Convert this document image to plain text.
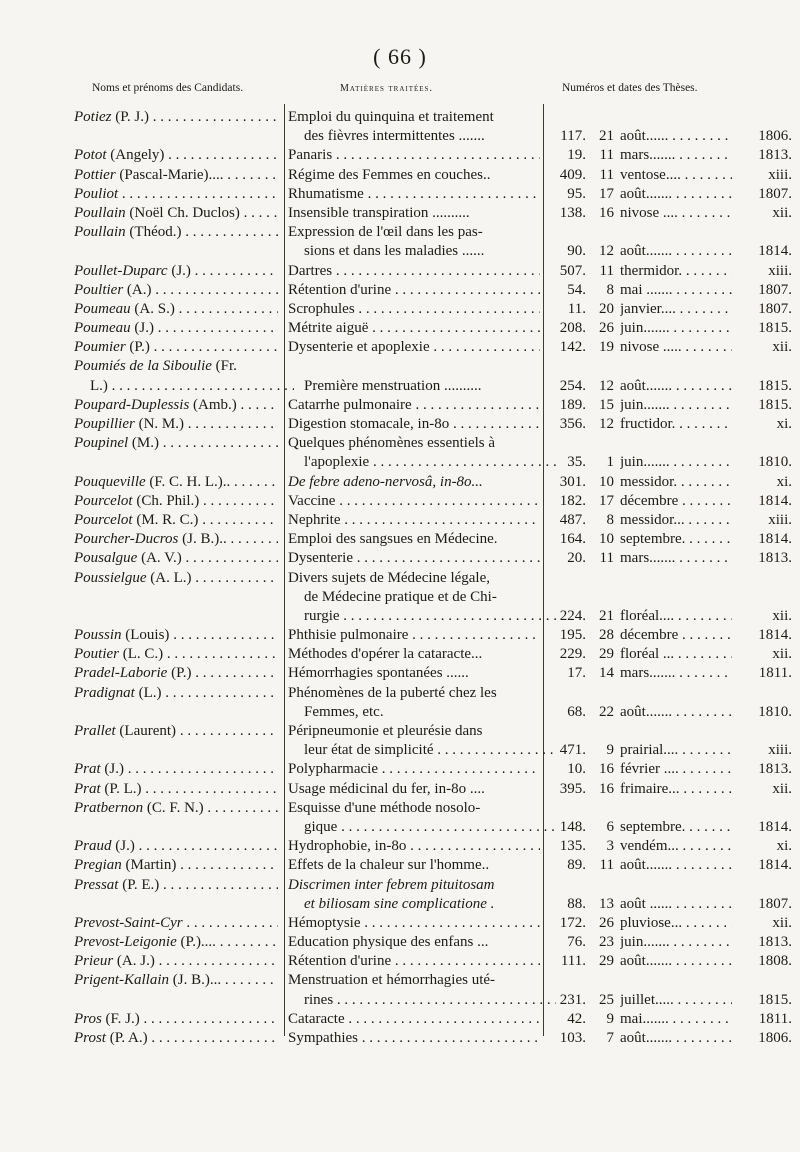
( 66 )
Noms et prénoms des Candidats.	Matières traitées.	Numéros et dates des Thèses.
Potiez (P. J.) . . .	Emploi du quinquina et traitement
des fièvres intermittentes .......	117. 21 août...... . . .	1806.
Potot (Angely) . . .	Panaris . . .	19. 11 mars....... . . .	1813.
Pottier (Pascal-Marie).... . . .	Régime des Femmes en couches..	409. 11 ventose.... . . .	xiii.
Pouliot . . .	Rhumatisme . . .	95. 17 août....... . . .	1807.
Poullain (Noël Ch. Duclos) . . .	Insensible transpiration ..........	138. 16 nivose .... . . .	xii.
Poullain (Théod.) . . .	Expression de l'œil dans les pas-
sions et dans les maladies ......	90. 12 août....... . . .	1814.
Poullet-Duparc (J.) . . .	Dartres . . .	507. 11 thermidor. . . .	xiii.
Poultier (A.) . . .	Rétention d'urine . . .	54.	8 mai ....... . . .	1807.
Poumeau (A. S.) . . .	Scrophules . . .	11. 20 janvier.... . . .	1807.
Poumeau (J.) . . .	Métrite aiguë . . .	208. 26 juin....... . . .	1815.
Poumier (P.) . . .	Dysenterie et apoplexie . . .	142. 19 nivose ..... . . .	xii.
Poumiés de la Siboulie (Fr.
L.) . . .	Première menstruation ..........	254. 12 août....... . . .	1815.
Poupard-Duplessis (Amb.) . . .	Catarrhe pulmonaire . . .	189. 15 juin....... . . .	1815.
Poupillier (N. M.) . . .	Digestion stomacale, in-8o . . .	356. 12 fructidor. . . . .	xi.
Poupinel (M.) . . .	Quelques phénomènes essentiels à
l'apoplexie . . .	35.	1 juin....... . . .	1810.
Pouqueville (F. C. H. L.).. . . .	De febre adeno-nervosâ, in-8o...	301. 10 messidor. . . . .	xi.
Pourcelot (Ch. Phil.) . . .	Vaccine . . .	182. 17 décembre . . . .	1814.
Pourcelot (M. R. C.) . . .	Nephrite . . .	487.	8 messidor... . . .	xiii.
Pourcher-Ducros (J. B.).. . . .	Emploi des sangsues en Médecine.	164. 10 septembre. . . .	1814.
Pousalgue (A. V.) . . .	Dysenterie . . .	20. 11 mars....... . . .	1813.
Poussielgue (A. L.) . . .	Divers sujets de Médecine légale,
de Médecine pratique et de Chi-
rurgie . . .	224. 21 floréal.... . . .	xii.
Poussin (Louis) . . .	Phthisie pulmonaire . . .	195. 28 décembre . . . .	1814.
Poutier (L. C.) . . .	Méthodes d'opérer la cataracte...	229. 29 floréal ... . . .	xii.
Pradel-Laborie (P.) . . .	Hémorrhagies spontanées ......	17. 14 mars....... . . .	1811.
Pradignat (L.) . . .	Phénomènes de la puberté chez les
Femmes, etc.	68. 22 août....... . . .	1810.
Prallet (Laurent) . . .	Péripneumonie et pleurésie dans
leur état de simplicité . . .	471.	9 prairial.... . . .	xiii.
Prat (J.) . . .	Polypharmacie . . .	10. 16 février .... . . .	1813.
Prat (P. L.) . . .	Usage médicinal du fer, in-8o ....	395. 16 frimaire... . . .	xii.
Pratbernon (C. F. N.) . . .	Esquisse d'une méthode nosolo-
gique . . .	148.	6 septembre. . . .	1814.
Praud (J.) . . .	Hydrophobie, in-8o . . .	135.	3 vendém... . . . .	xi.
Pregian (Martin) . . .	Effets de la chaleur sur l'homme..	89. 11 août....... . . .	1814.
Pressat (P. E.) . . .	Discrimen inter febrem pituitosam
et biliosam sine complicatione .	88. 13 août ...... . . .	1807.
Prevost-Saint-Cyr . . .	Hémoptysie . . .	172. 26 pluviose... . . .	xii.
Prevost-Leigonie (P.).... . . .	Education physique des enfans ...	76. 23 juin....... . . .	1813.
Prieur (A. J.) . . .	Rétention d'urine . . .	111. 29 août....... . . .	1808.
Prigent-Kallain (J. B.)... . . .	Menstruation et hémorrhagies uté-
rines . . .	231. 25 juillet..... . . .	1815.
Pros (F. J.) . . .	Cataracte . . .	42.	9 mai....... . . .	1811.
Prost (P. A.) . . .	Sympathies . . .	103.	7 août....... . . .	1806.
